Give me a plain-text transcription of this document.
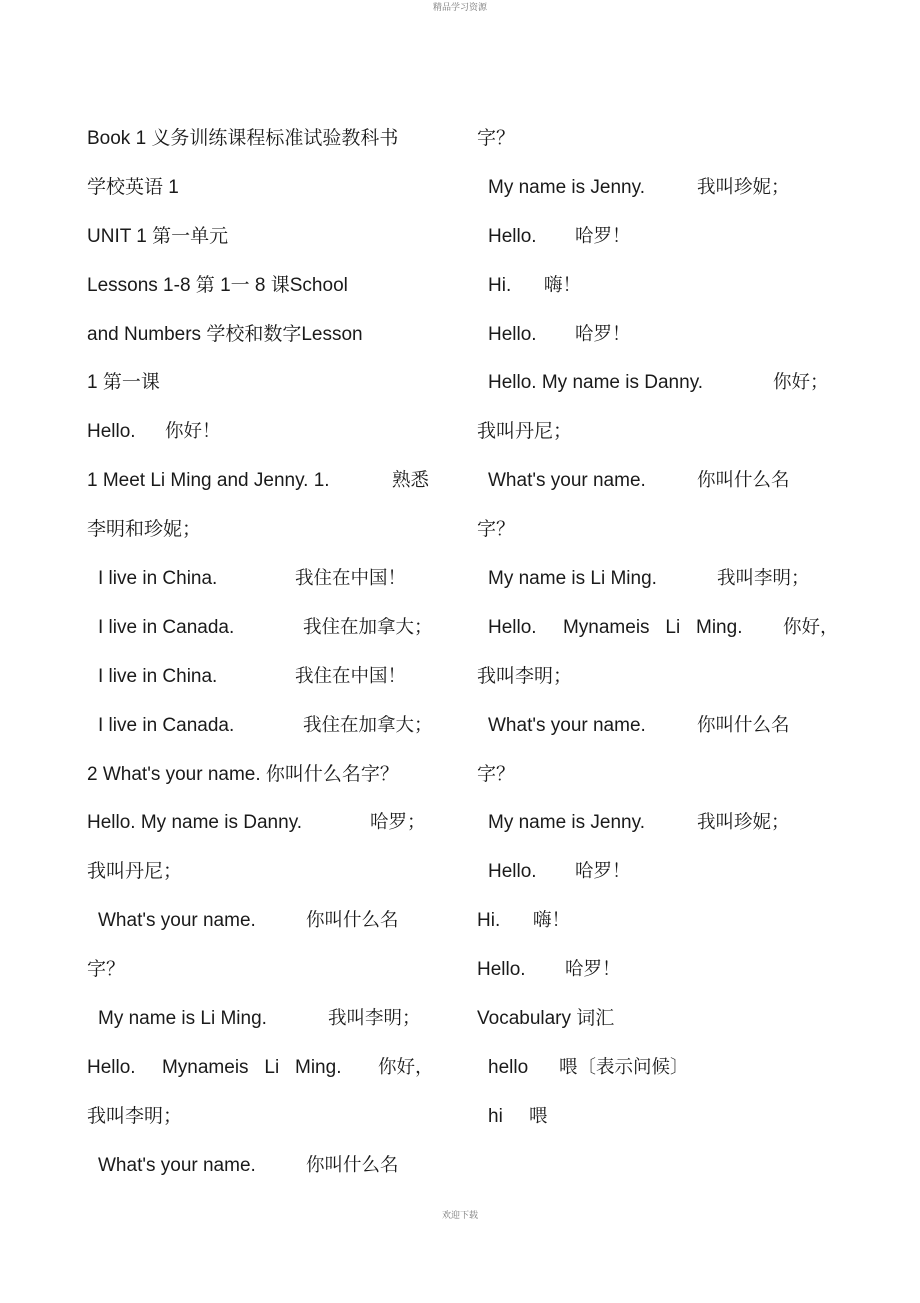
精品学习资源
Book 1 义务训练课程标准试验教科书
学校英语 1
UNIT 1 第一单元
Lessons 1-8 第 1一 8 课School
and Numbers 学校和数字Lesson
1 第一课
Hello. 你好！
1 Meet Li Ming and Jenny. 1.	熟悉
李明和珍妮；
I live in China.	我住在中国！
I live in Canada.	我住在加拿大；
I live in China.	我住在中国！
I live in Canada.	我住在加拿大；
2 What's your name. 你叫什么名字？
Hello. My name is Danny.	哈罗；
我叫丹尼；
What's your name.	你叫什么名
字？
My name is Li Ming.	我叫李明；
Hello.     Mynameis   Li   Ming. 你好，
我叫李明；
What's your name.	你叫什么名
字？
My name is Jenny.	我叫珍妮；
Hello. 哈罗！
Hi. 嗨！
Hello. 哈罗！
Hello. My name is Danny.	你好；
我叫丹尼；
What's your name.	你叫什么名
字？
My name is Li Ming.	我叫李明；
Hello.     Mynameis   Li   Ming. 你好，
我叫李明；
What's your name.	你叫什么名
字？
My name is Jenny.	我叫珍妮；
Hello. 哈罗！
Hi. 嗨！
Hello. 哈罗！
Vocabulary 词汇
hello 喂〔表示问候〕
hi 喂
欢迎下载
